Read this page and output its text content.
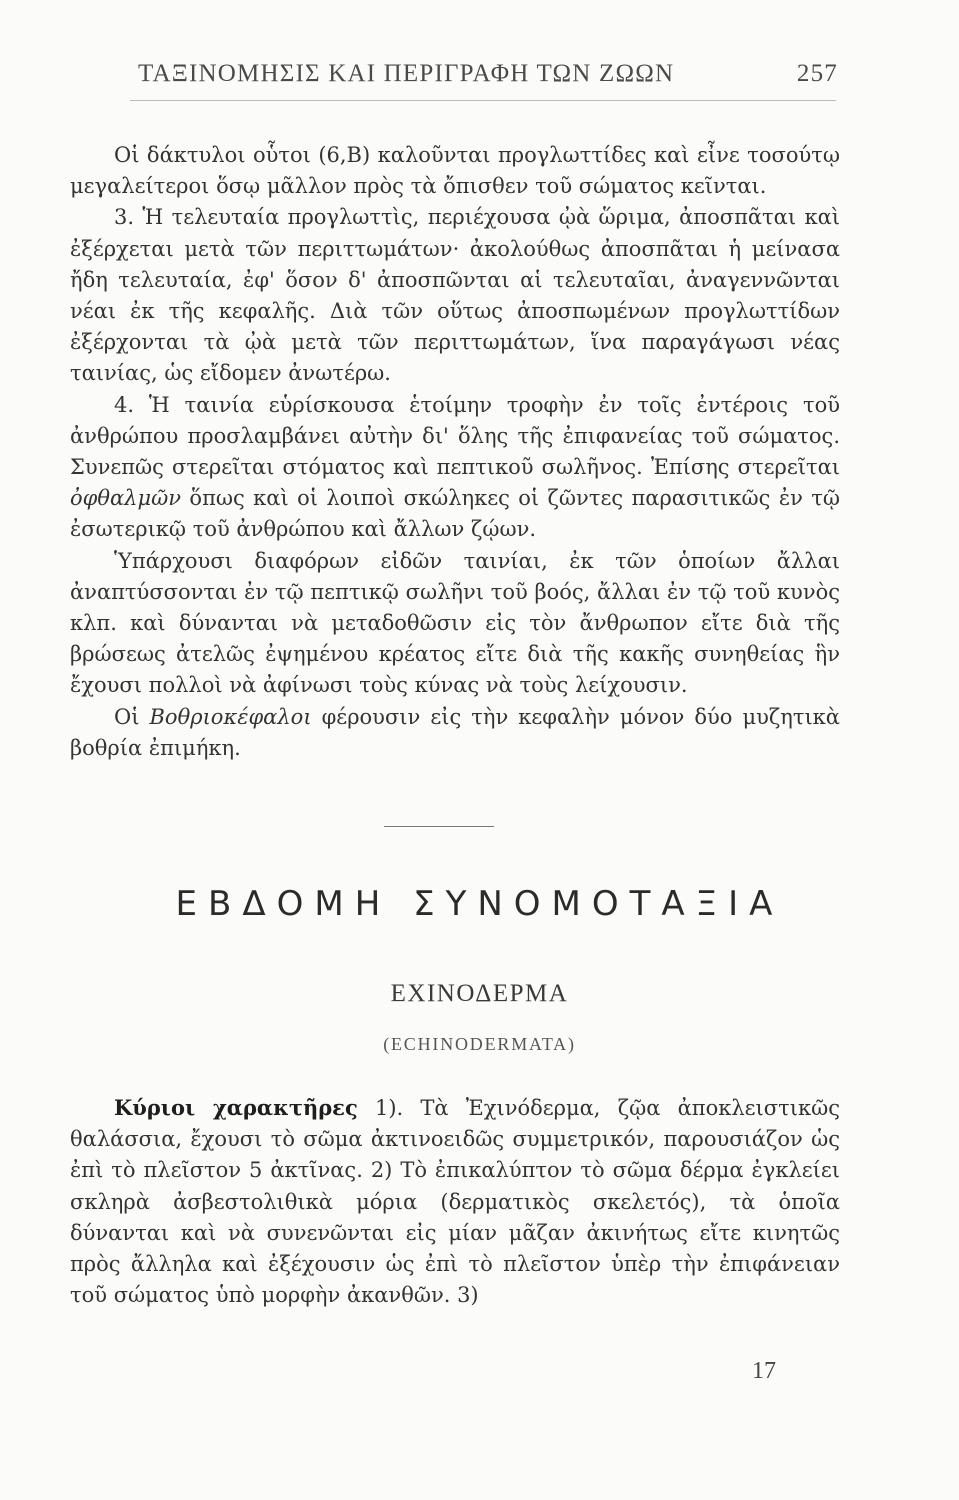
ΤΑΞΙΝΟΜΗΣΙΣ ΚΑΙ ΠΕΡΙΓΡΑΦΗ ΤΩΝ ΖΩΩΝ	257

Οἱ δάκτυλοι οὗτοι (6,Β) καλοῦνται προγλωττίδες καὶ εἶνε τοσούτῳ μεγαλείτεροι ὅσῳ μᾶλλον πρὸς τὰ ὄπισθεν τοῦ σώματος κεῖνται.

3. Ἡ τελευταία προγλωττὶς, περιέχουσα ᾠὰ ὥριμα, ἀποσπᾶται καὶ ἐξέρχεται μετὰ τῶν περιττωμάτων· ἀκολούθως ἀποσπᾶται ἡ μείνασα ἤδη τελευταία, ἐφ' ὅσον δ' ἀποσπῶνται αἱ τελευταῖαι, ἀναγεννῶνται νέαι ἐκ τῆς κεφαλῆς. Διὰ τῶν οὕτως ἀποσπωμένων προγλωττίδων ἐξέρχονται τὰ ᾠὰ μετὰ τῶν περιττωμάτων, ἵνα παραγάγωσι νέας ταινίας, ὡς εἴδομεν ἀνωτέρω.

4. Ἡ ταινία εὑρίσκουσα ἑτοίμην τροφὴν ἐν τοῖς ἐντέροις τοῦ ἀνθρώπου προσλαμβάνει αὐτὴν δι' ὅλης τῆς ἐπιφανείας τοῦ σώματος. Συνεπῶς στερεῖται στόματος καὶ πεπτικοῦ σωλῆνος. Ἐπίσης στερεῖται ὀφθαλμῶν ὅπως καὶ οἱ λοιποὶ σκώληκες οἱ ζῶντες παρασιτικῶς ἐν τῷ ἐσωτερικῷ τοῦ ἀνθρώπου καὶ ἄλλων ζῴων.

Ὑπάρχουσι διαφόρων εἰδῶν ταινίαι, ἐκ τῶν ὁποίων ἄλλαι ἀναπτύσσονται ἐν τῷ πεπτικῷ σωλῆνι τοῦ βοός, ἄλλαι ἐν τῷ τοῦ κυνὸς κλπ. καὶ δύνανται νὰ μεταδοθῶσιν εἰς τὸν ἄνθρωπον εἴτε διὰ τῆς βρώσεως ἀτελῶς ἐψημένου κρέατος εἴτε διὰ τῆς κακῆς συνηθείας ἣν ἔχουσι πολλοὶ νὰ ἀφίνωσι τοὺς κύνας νὰ τοὺς λείχουσιν.

Οἱ Βοθριοκέφαλοι φέρουσιν εἰς τὴν κεφαλὴν μόνον δύο μυζητικὰ βοθρία ἐπιμήκη.

ΕΒΔΟΜΗ ΣΥΝΟΜΟΤΑΞΙΑ
ΕΧΙΝΟΔΕΡΜΑ
(ECHINODERMATA)

Κύριοι χαρακτῆρες 1). Τὰ Ἐχινόδερμα, ζῷα ἀποκλειστικῶς θαλάσσια, ἔχουσι τὸ σῶμα ἀκτινοειδῶς συμμετρικόν, παρουσιάζον ὡς ἐπὶ τὸ πλεῖστον 5 ἀκτῖνας. 2) Τὸ ἐπικαλύπτον τὸ σῶμα δέρμα ἐγκλείει σκληρὰ ἀσβεστολιθικὰ μόρια (δερματικὸς σκελετός), τὰ ὁποῖα δύνανται καὶ νὰ συνενῶνται εἰς μίαν μᾶζαν ἀκινήτως εἴτε κινητῶς πρὸς ἄλληλα καὶ ἐξέχουσιν ὡς ἐπὶ τὸ πλεῖστον ὑπὲρ τὴν ἐπιφάνειαν τοῦ σώματος ὑπὸ μορφὴν ἀκανθῶν. 3)

17
